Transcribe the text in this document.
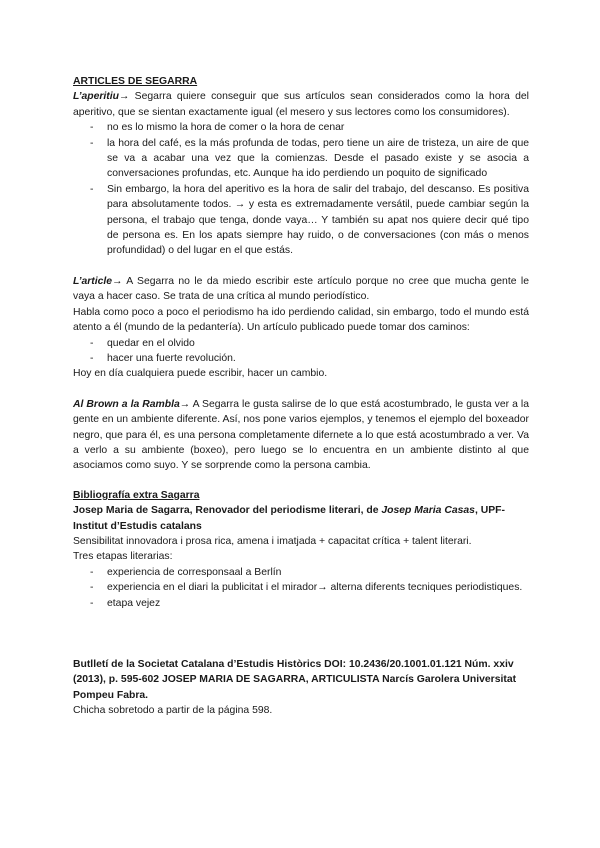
ARTICLES DE SEGARRA

L’aperitiu→ Segarra quiere conseguir que sus artículos sean considerados como la hora del aperitivo, que se sientan exactamente igual (el mesero y sus lectores como los consumidores).

- no es lo mismo la hora de comer o la hora de cenar
- la hora del café, es la más profunda de todas, pero tiene un aire de tristeza, un aire de que se va a acabar una vez que la comienzas. Desde el pasado existe y se asocia a conversaciones profundas, etc. Aunque ha ido perdiendo un poquito de significado
- Sin embargo, la hora del aperitivo es la hora de salir del trabajo, del descanso. Es positiva para absolutamente todos. → y esta es extremadamente versátil, puede cambiar según la persona, el trabajo que tenga, donde vaya… Y también su apat nos quiere decir qué tipo de persona es. En los apats siempre hay ruido, o de conversaciones (con más o menos profundidad) o del lugar en el que estás.

L’article→ A Segarra no le da miedo escribir este artículo porque no cree que mucha gente le vaya a hacer caso. Se trata de una crítica al mundo periodístico.

Habla como poco a poco el periodismo ha ido perdiendo calidad, sin embargo, todo el mundo está atento a él (mundo de la pedantería). Un artículo publicado puede tomar dos caminos:

- quedar en el olvido
- hacer una fuerte revolución.

Hoy en día cualquiera puede escribir, hacer un cambio.

Al Brown a la Rambla→ A Segarra le gusta salirse de lo que está acostumbrado, le gusta ver a la gente en un ambiente diferente. Así, nos pone varios ejemplos, y tenemos el ejemplo del boxeador negro, que para él, es una persona completamente difernete a lo que está acostumbrado a ver. Va a verlo a su ambiente (boxeo), pero luego se lo encuentra en un ambiente distinto al que asociamos como suyo. Y se sorprende como la persona cambia.

Bibliografía extra Sagarra

Josep Maria de Sagarra, Renovador del periodisme literari, de Josep Maria Casas, UPF-Institut d’Estudis catalans

Sensibilitat innovadora i prosa rica, amena i imatjada + capacitat crítica + talent literari.

Tres etapas literarias:

- experiencia de corresponsaal a Berlín
- experiencia en el diari la publicitat i el mirador→ alterna diferents tecniques periodistiques.
- etapa vejez

Butlletí de la Societat Catalana d’Estudis Històrics DOI: 10.2436/20.1001.01.121 Núm. xxiv (2013), p. 595-602 JOSEP MARIA DE SAGARRA, ARTICULISTA Narcís Garolera Universitat Pompeu Fabra.

Chicha sobretodo a partir de la página 598.
